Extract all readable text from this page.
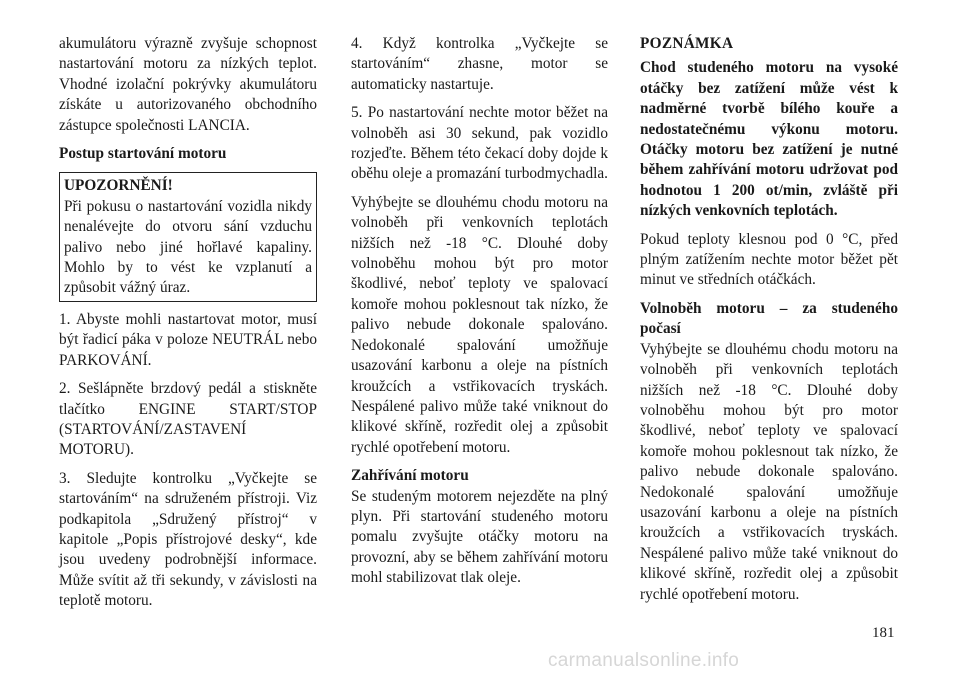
akumulátoru výrazně zvyšuje schopnost nastartování motoru za nízkých teplot. Vhodné izolační pokrývky akumulátoru získáte u autorizovaného obchodního zástupce společnosti LANCIA.

Postup startování motoru

UPOZORNĚNÍ!

Při pokusu o nastartování vozidla nikdy nenalévejte do otvoru sání vzduchu palivo nebo jiné hořlavé kapaliny. Mohlo by to vést ke vzplanutí a způsobit vážný úraz.

1. Abyste mohli nastartovat motor, musí být řadicí páka v poloze NEUTRÁL nebo PARKOVÁNÍ.

2. Sešlápněte brzdový pedál a stiskněte tlačítko ENGINE START/STOP (STARTOVÁNÍ/ZASTAVENÍ MOTORU).

3. Sledujte kontrolku „Vyčkejte se startováním“ na sdruženém přístroji. Viz podkapitola „Sdružený přístroj“ v kapitole „Popis přístrojové desky“, kde jsou uvedeny podrobnější informace. Může svítit až tři sekundy, v závislosti na teplotě motoru.

4. Když kontrolka „Vyčkejte se startováním“ zhasne, motor se automaticky nastartuje.

5. Po nastartování nechte motor běžet na volnoběh asi 30 sekund, pak vozidlo rozjeďte. Během této čekací doby dojde k oběhu oleje a promazání turbodmychadla.

Vyhýbejte se dlouhému chodu motoru na volnoběh při venkovních teplotách nižších než -18 °C. Dlouhé doby volnoběhu mohou být pro motor škodlivé, neboť teploty ve spalovací komoře mohou poklesnout tak nízko, že palivo nebude dokonale spalováno. Nedokonalé spalování umožňuje usazování karbonu a oleje na pístních kroužcích a vstřikovacích tryskách. Nespálené palivo může také vniknout do klikové skříně, rozředit olej a způsobit rychlé opotřebení motoru.

Zahřívání motoru

Se studeným motorem nejezděte na plný plyn. Při startování studeného motoru pomalu zvyšujte otáčky motoru na provozní, aby se během zahřívání motoru mohl stabilizovat tlak oleje.

POZNÁMKA

Chod studeného motoru na vysoké otáčky bez zatížení může vést k nadměrné tvorbě bílého kouře a nedostatečnému výkonu motoru. Otáčky motoru bez zatížení je nutné během zahřívání motoru udržovat pod hodnotou 1 200 ot/min, zvláště při nízkých venkovních teplotách.

Pokud teploty klesnou pod 0 °C, před plným zatížením nechte motor běžet pět minut ve středních otáčkách.

Volnoběh motoru – za studeného počasí

Vyhýbejte se dlouhému chodu motoru na volnoběh při venkovních teplotách nižších než -18 °C. Dlouhé doby volnoběhu mohou být pro motor škodlivé, neboť teploty ve spalovací komoře mohou poklesnout tak nízko, že palivo nebude dokonale spalováno. Nedokonalé spalování umožňuje usazování karbonu a oleje na pístních kroužcích a vstřikovacích tryskách. Nespálené palivo může také vniknout do klikové skříně, rozředit olej a způsobit rychlé opotřebení motoru.

181
carmanualsonline.info
